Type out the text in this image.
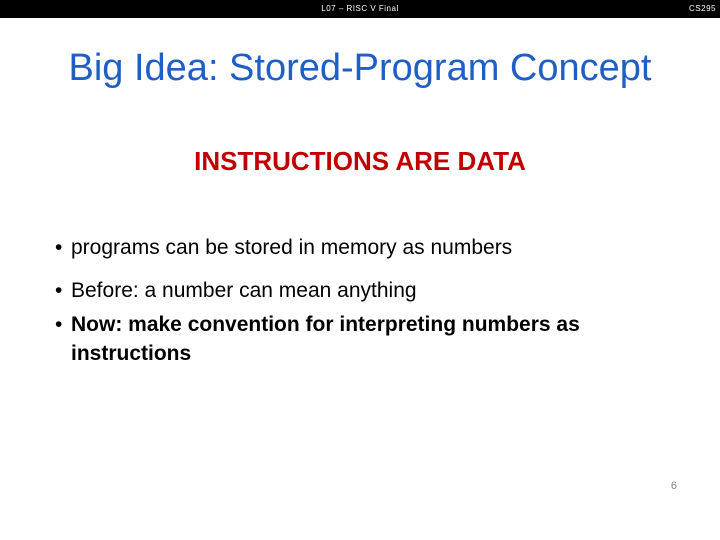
L07 – RISC V Final	CS295
Big Idea: Stored-Program Concept
INSTRUCTIONS ARE DATA
• programs can be stored in memory as numbers
• Before: a number can mean anything
• Now: make convention for interpreting numbers as instructions
6
